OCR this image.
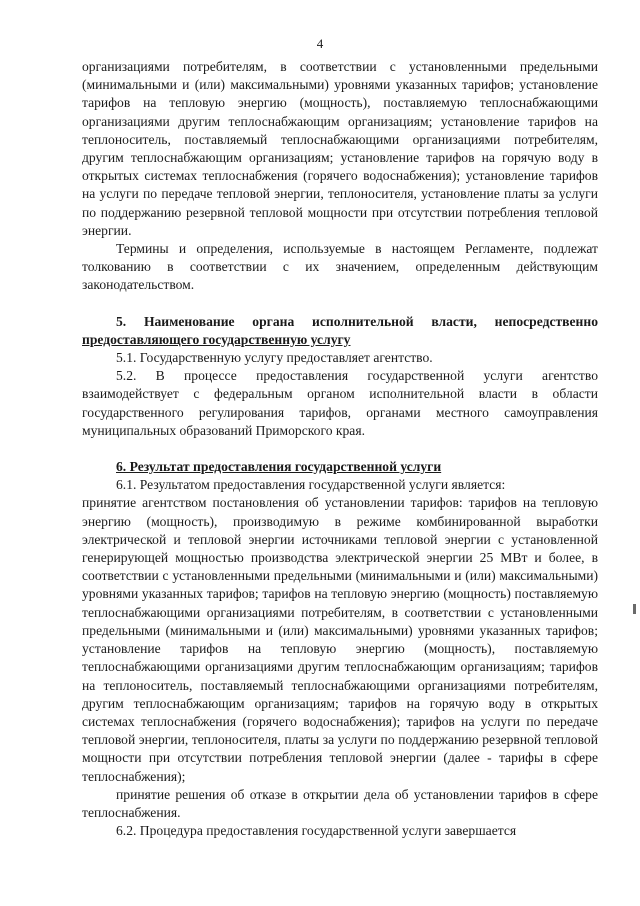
4

организациями потребителям, в соответствии с установленными предельными (минимальными и (или) максимальными) уровнями указанных тарифов; установление тарифов на тепловую энергию (мощность), поставляемую теплоснабжающими организациями другим теплоснабжающим организациям; установление тарифов на теплоноситель, поставляемый теплоснабжающими организациями потребителям, другим теплоснабжающим организациям; установление тарифов на горячую воду в открытых системах теплоснабжения (горячего водоснабжения); установление тарифов на услуги по передаче тепловой энергии, теплоносителя, установление платы за услуги по поддержанию резервной тепловой мощности при отсутствии потребления тепловой энергии.

Термины и определения, используемые в настоящем Регламенте, подлежат толкованию в соответствии с их значением, определенным действующим законодательством.

5. Наименование органа исполнительной власти, непосредственно предоставляющего государственную услугу

5.1. Государственную услугу предоставляет агентство.

5.2. В процессе предоставления государственной услуги агентство взаимодействует с федеральным органом исполнительной власти в области государственного регулирования тарифов, органами местного самоуправления муниципальных образований Приморского края.

6. Результат предоставления государственной услуги

6.1. Результатом предоставления государственной услуги является:

принятие агентством постановления об установлении тарифов: тарифов на тепловую энергию (мощность), производимую в режиме комбинированной выработки электрической и тепловой энергии источниками тепловой энергии с установленной генерирующей мощностью производства электрической энергии 25 МВт и более, в соответствии с установленными предельными (минимальными и (или) максимальными) уровнями указанных тарифов; тарифов на тепловую энергию (мощность) поставляемую теплоснабжающими организациями потребителям, в соответствии с установленными предельными (минимальными и (или) максимальными) уровнями указанных тарифов; установление тарифов на тепловую энергию (мощность), поставляемую теплоснабжающими организациями другим теплоснабжающим организациям; тарифов на теплоноситель, поставляемый теплоснабжающими организациями потребителям, другим теплоснабжающим организациям; тарифов на горячую воду в открытых системах теплоснабжения (горячего водоснабжения); тарифов на услуги по передаче тепловой энергии, теплоносителя, платы за услуги по поддержанию резервной тепловой мощности при отсутствии потребления тепловой энергии (далее - тарифы в сфере теплоснабжения);

принятие решения об отказе в открытии дела об установлении тарифов в сфере теплоснабжения.

6.2. Процедура предоставления государственной услуги завершается
